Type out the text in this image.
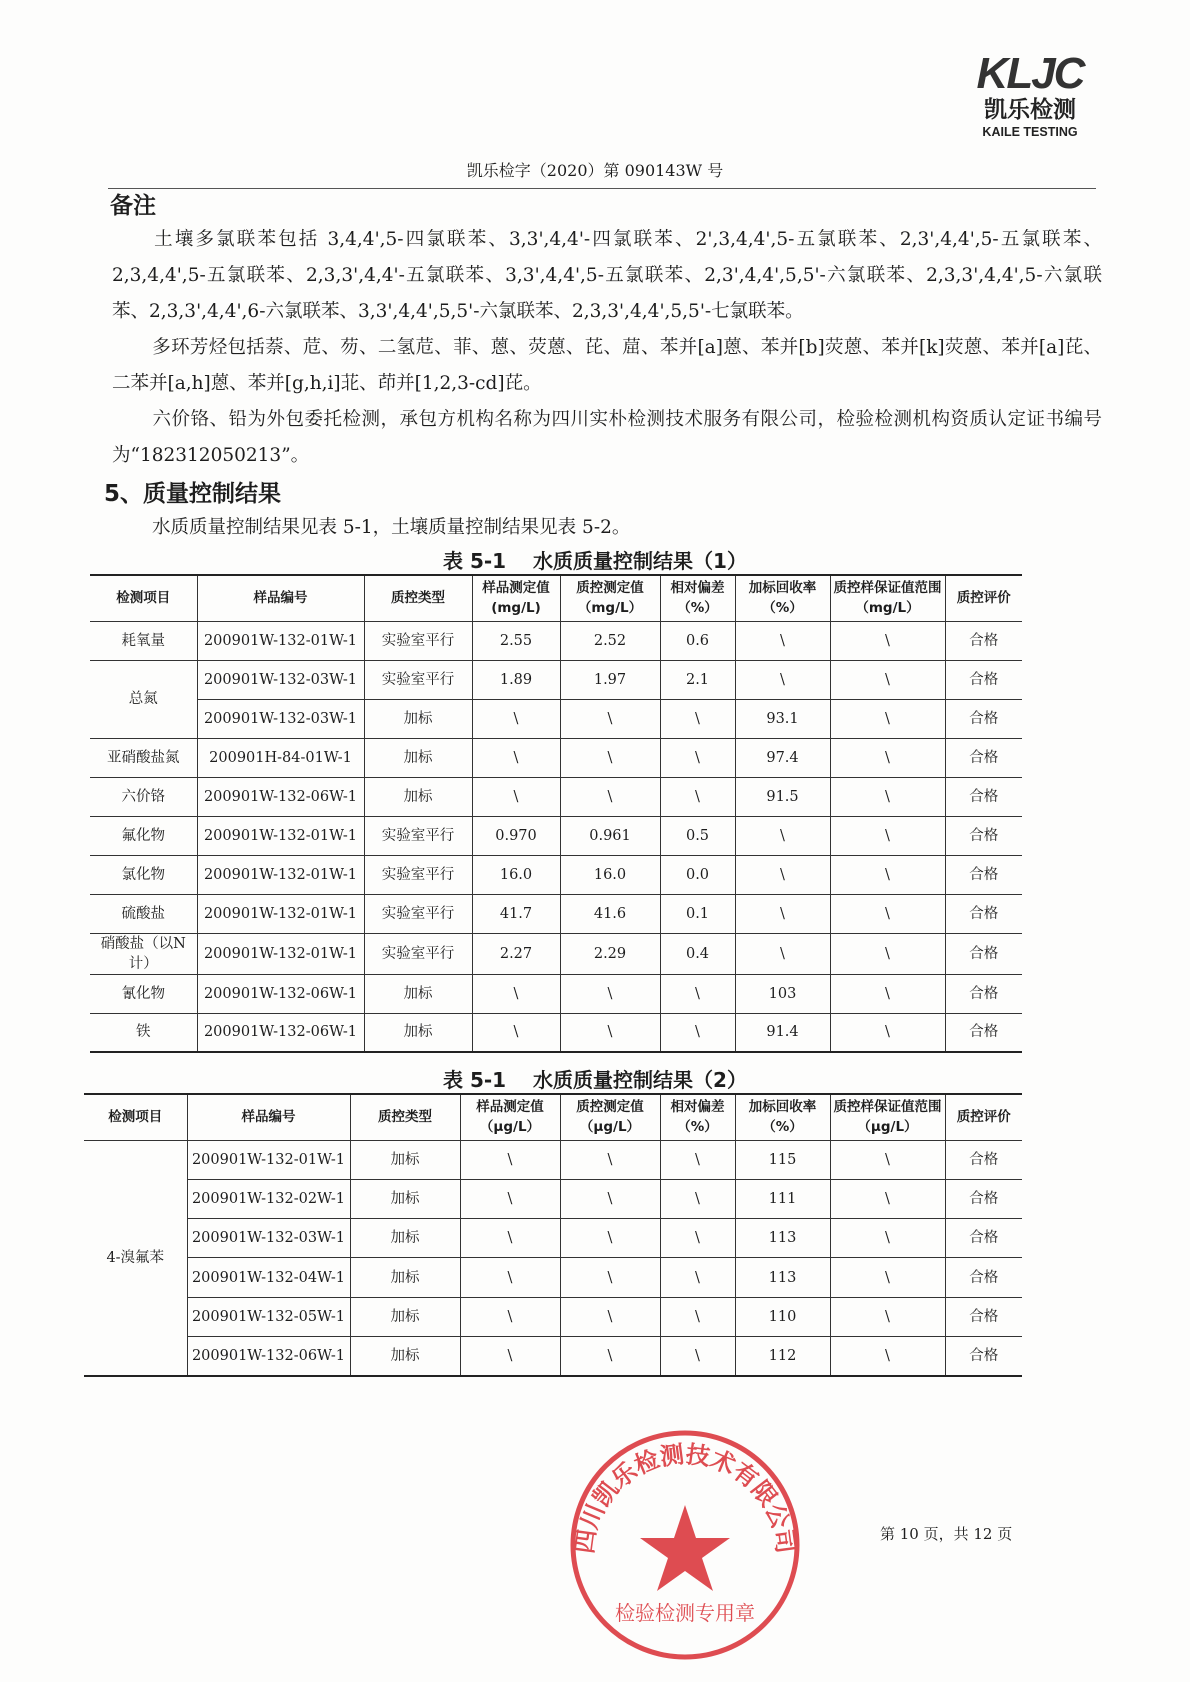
KLJC
凯乐检测
KAILE TESTING
凯乐检字（2020）第 090143W 号
备注
土壤多氯联苯包括 3,4,4',5-四氯联苯、3,3',4,4'-四氯联苯、2',3,4,4',5-五氯联苯、2,3',4,4',5-五氯联苯、2,3,4,4',5-五氯联苯、2,3,3',4,4'-五氯联苯、3,3',4,4',5-五氯联苯、2,3',4,4',5,5'-六氯联苯、2,3,3',4,4',5-六氯联苯、2,3,3',4,4',6-六氯联苯、3,3',4,4',5,5'-六氯联苯、2,3,3',4,4',5,5'-七氯联苯。
多环芳烃包括萘、苊、芴、二氢苊、菲、蒽、荧蒽、芘、䓛、苯并[a]蒽、苯并[b]荧蒽、苯并[k]荧蒽、苯并[a]芘、二苯并[a,h]蒽、苯并[g,h,i]苝、茚并[1,2,3-cd]芘。
六价铬、铅为外包委托检测，承包方机构名称为四川实朴检测技术服务有限公司，检验检测机构资质认定证书编号为“182312050213”。
5、质量控制结果
水质质量控制结果见表 5-1，土壤质量控制结果见表 5-2。
表 5-1　 水质质量控制结果（1）
检测项目	样品编号	质控类型	样品测定值(mg/L)	质控测定值（mg/L）	相对偏差（%）	加标回收率（%）	质控样保证值范围（mg/L）	质控评价
耗氧量	200901W-132-01W-1	实验室平行	2.55	2.52	0.6	\	\	合格
总氮	200901W-132-03W-1	实验室平行	1.89	1.97	2.1	\	\	合格
	200901W-132-03W-1	加标	\	\	\	93.1	\	合格
亚硝酸盐氮	200901H-84-01W-1	加标	\	\	\	97.4	\	合格
六价铬	200901W-132-06W-1	加标	\	\	\	91.5	\	合格
氟化物	200901W-132-01W-1	实验室平行	0.970	0.961	0.5	\	\	合格
氯化物	200901W-132-01W-1	实验室平行	16.0	16.0	0.0	\	\	合格
硫酸盐	200901W-132-01W-1	实验室平行	41.7	41.6	0.1	\	\	合格
硝酸盐（以N计）	200901W-132-01W-1	实验室平行	2.27	2.29	0.4	\	\	合格
氰化物	200901W-132-06W-1	加标	\	\	\	103	\	合格
铁	200901W-132-06W-1	加标	\	\	\	91.4	\	合格
表 5-1　 水质质量控制结果（2）
检测项目	样品编号	质控类型	样品测定值（μg/L）	质控测定值（μg/L）	相对偏差（%）	加标回收率（%）	质控样保证值范围（μg/L）	质控评价
4-溴氟苯	200901W-132-01W-1	加标	\	\	\	115	\	合格
	200901W-132-02W-1	加标	\	\	\	111	\	合格
	200901W-132-03W-1	加标	\	\	\	113	\	合格
	200901W-132-04W-1	加标	\	\	\	113	\	合格
	200901W-132-05W-1	加标	\	\	\	110	\	合格
	200901W-132-06W-1	加标	\	\	\	112	\	合格
四川凯乐检测技术有限公司
检验检测专用章
第 10 页，共 12 页
